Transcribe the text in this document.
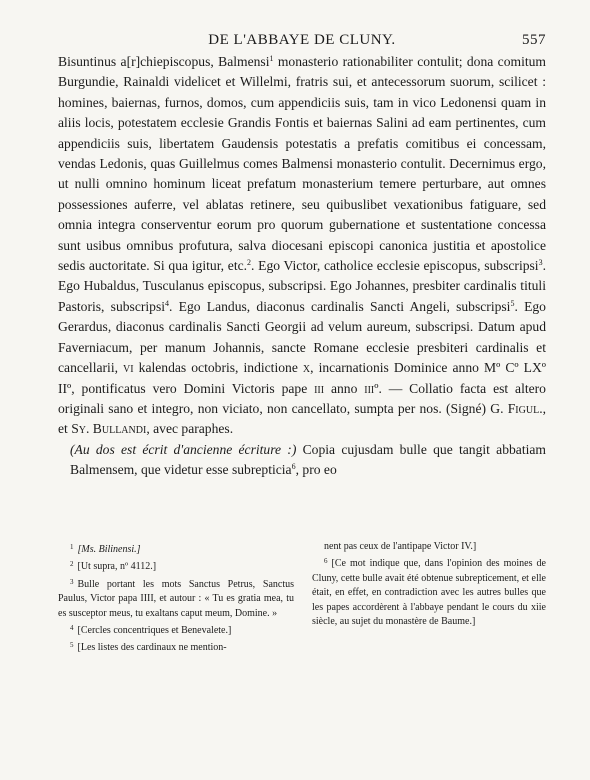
DE L'ABBAYE DE CLUNY.	557

Bisuntinus a[r]chiepiscopus, Balmensi$^1$ monasterio rationabiliter contulit; dona comitum Burgundie, Rainaldi videlicet et Willelmi, fratris sui, et antecessorum suorum, scilicet : homines, baiernas, furnos, domos, cum appendiciis suis, tam in vico Ledonensi quam in aliis locis, potestatem ecclesie Grandis Fontis et baiernas Salini ad eam pertinentes, cum appendiciis suis, libertatem Gaudensis potestatis a prefatis comitibus ei concessam, vendas Ledonis, quas Guillelmus comes Balmensi monasterio contulit. Decernimus ergo, ut nulli omnino hominum liceat prefatum monasterium temere perturbare, aut omnes possessiones auferre, vel ablatas retinere, seu quibuslibet vexationibus fatiguare, sed omnia integra conserventur eorum pro quorum gubernatione et sustentatione concessa sunt usibus omnibus profutura, salva diocesani episcopi canonica justitia et apostolice sedis auctoritate. Si qua igitur, etc.$^2$. Ego Victor, catholice ecclesie episcopus, subscripsi$^3$. Ego Hubaldus, Tusculanus episcopus, subscripsi. Ego Johannes, presbiter cardinalis tituli Pastoris, subscripsi$^4$. Ego Landus, diaconus cardinalis Sancti Angeli, subscripsi$^5$. Ego Gerardus, diaconus cardinalis Sancti Georgii ad velum aureum, subscripsi. Datum apud Faverniacum, per manum Johannis, sancte Romane ecclesie presbiteri cardinalis et cancellarii, vi kalendas octobris, indictione x, incarnationis Dominice anno Mº Cº LXº IIº, pontificatus vero Domini Victoris pape iii anno iiiº. — Collatio facta est altero originali sano et integro, non viciato, non cancellato, sumpta per nos. (Signé) G. Figul., et Sy. Bullandi, avec paraphes.

(Au dos est écrit d'ancienne écriture :) Copia cujusdam bulle que tangit abbatiam Balmensem, que videtur esse subrepticia$^6$, pro eo

$^1$ [Ms. Bilinensi.]

$^2$ [Ut supra, nº 4112.]

$^3$ Bulle portant les mots Sanctus Petrus, Sanctus Paulus, Victor papa IIII, et autour : « Tu es gratia mea, tu es susceptor meus, tu exaltans caput meum, Domine. »

$^4$ [Cercles concentriques et Benevalete.]

$^5$ [Les listes des cardinaux ne mention-

nent pas ceux de l'antipape Victor IV.]

$^6$ [Ce mot indique que, dans l'opinion des moines de Cluny, cette bulle avait été obtenue subrepticement, et elle était, en effet, en contradiction avec les autres bulles que les papes accordèrent à l'abbaye pendant le cours du xiie siècle, au sujet du monastère de Baume.]
